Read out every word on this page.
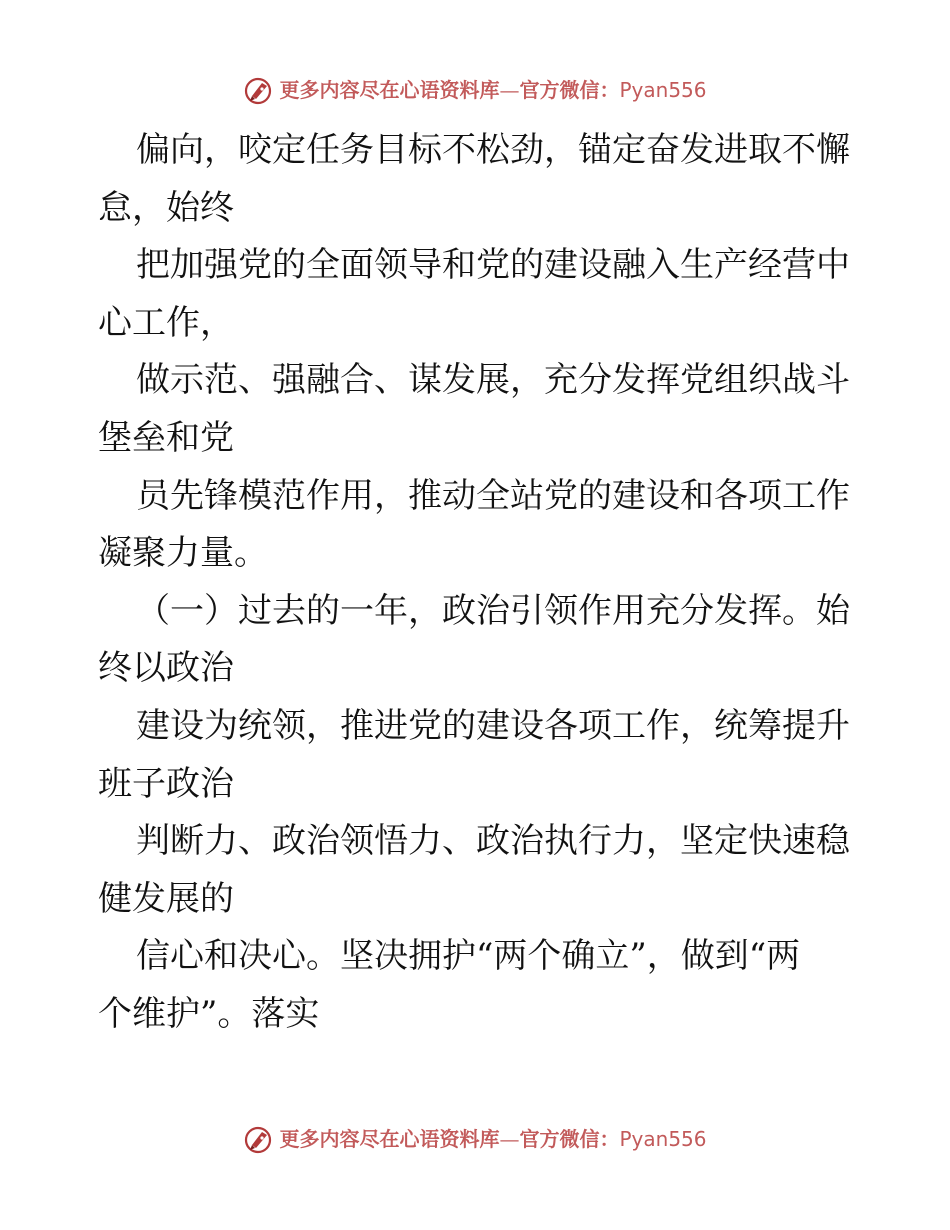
更多内容尽在心语资料库 — 官方微信： Pyan556
偏向，咬定任务目标不松劲，锚定奋发进取不懈
怠，始终
把加强党的全面领导和党的建设融入生产经营中
心工作，
做示范、强融合、谋发展，充分发挥党组织战斗
堡垒和党
员先锋模范作用，推动全站党的建设和各项工作
凝聚力量。
（一）过去的一年，政治引领作用充分发挥。始
终以政治
建设为统领，推进党的建设各项工作，统筹提升
班子政治
判断力、政治领悟力、政治执行力，坚定快速稳
健发展的
信心和决心。坚决拥护“两个确立”，做到“两
个维护”。落实
更多内容尽在心语资料库 — 官方微信： Pyan556
